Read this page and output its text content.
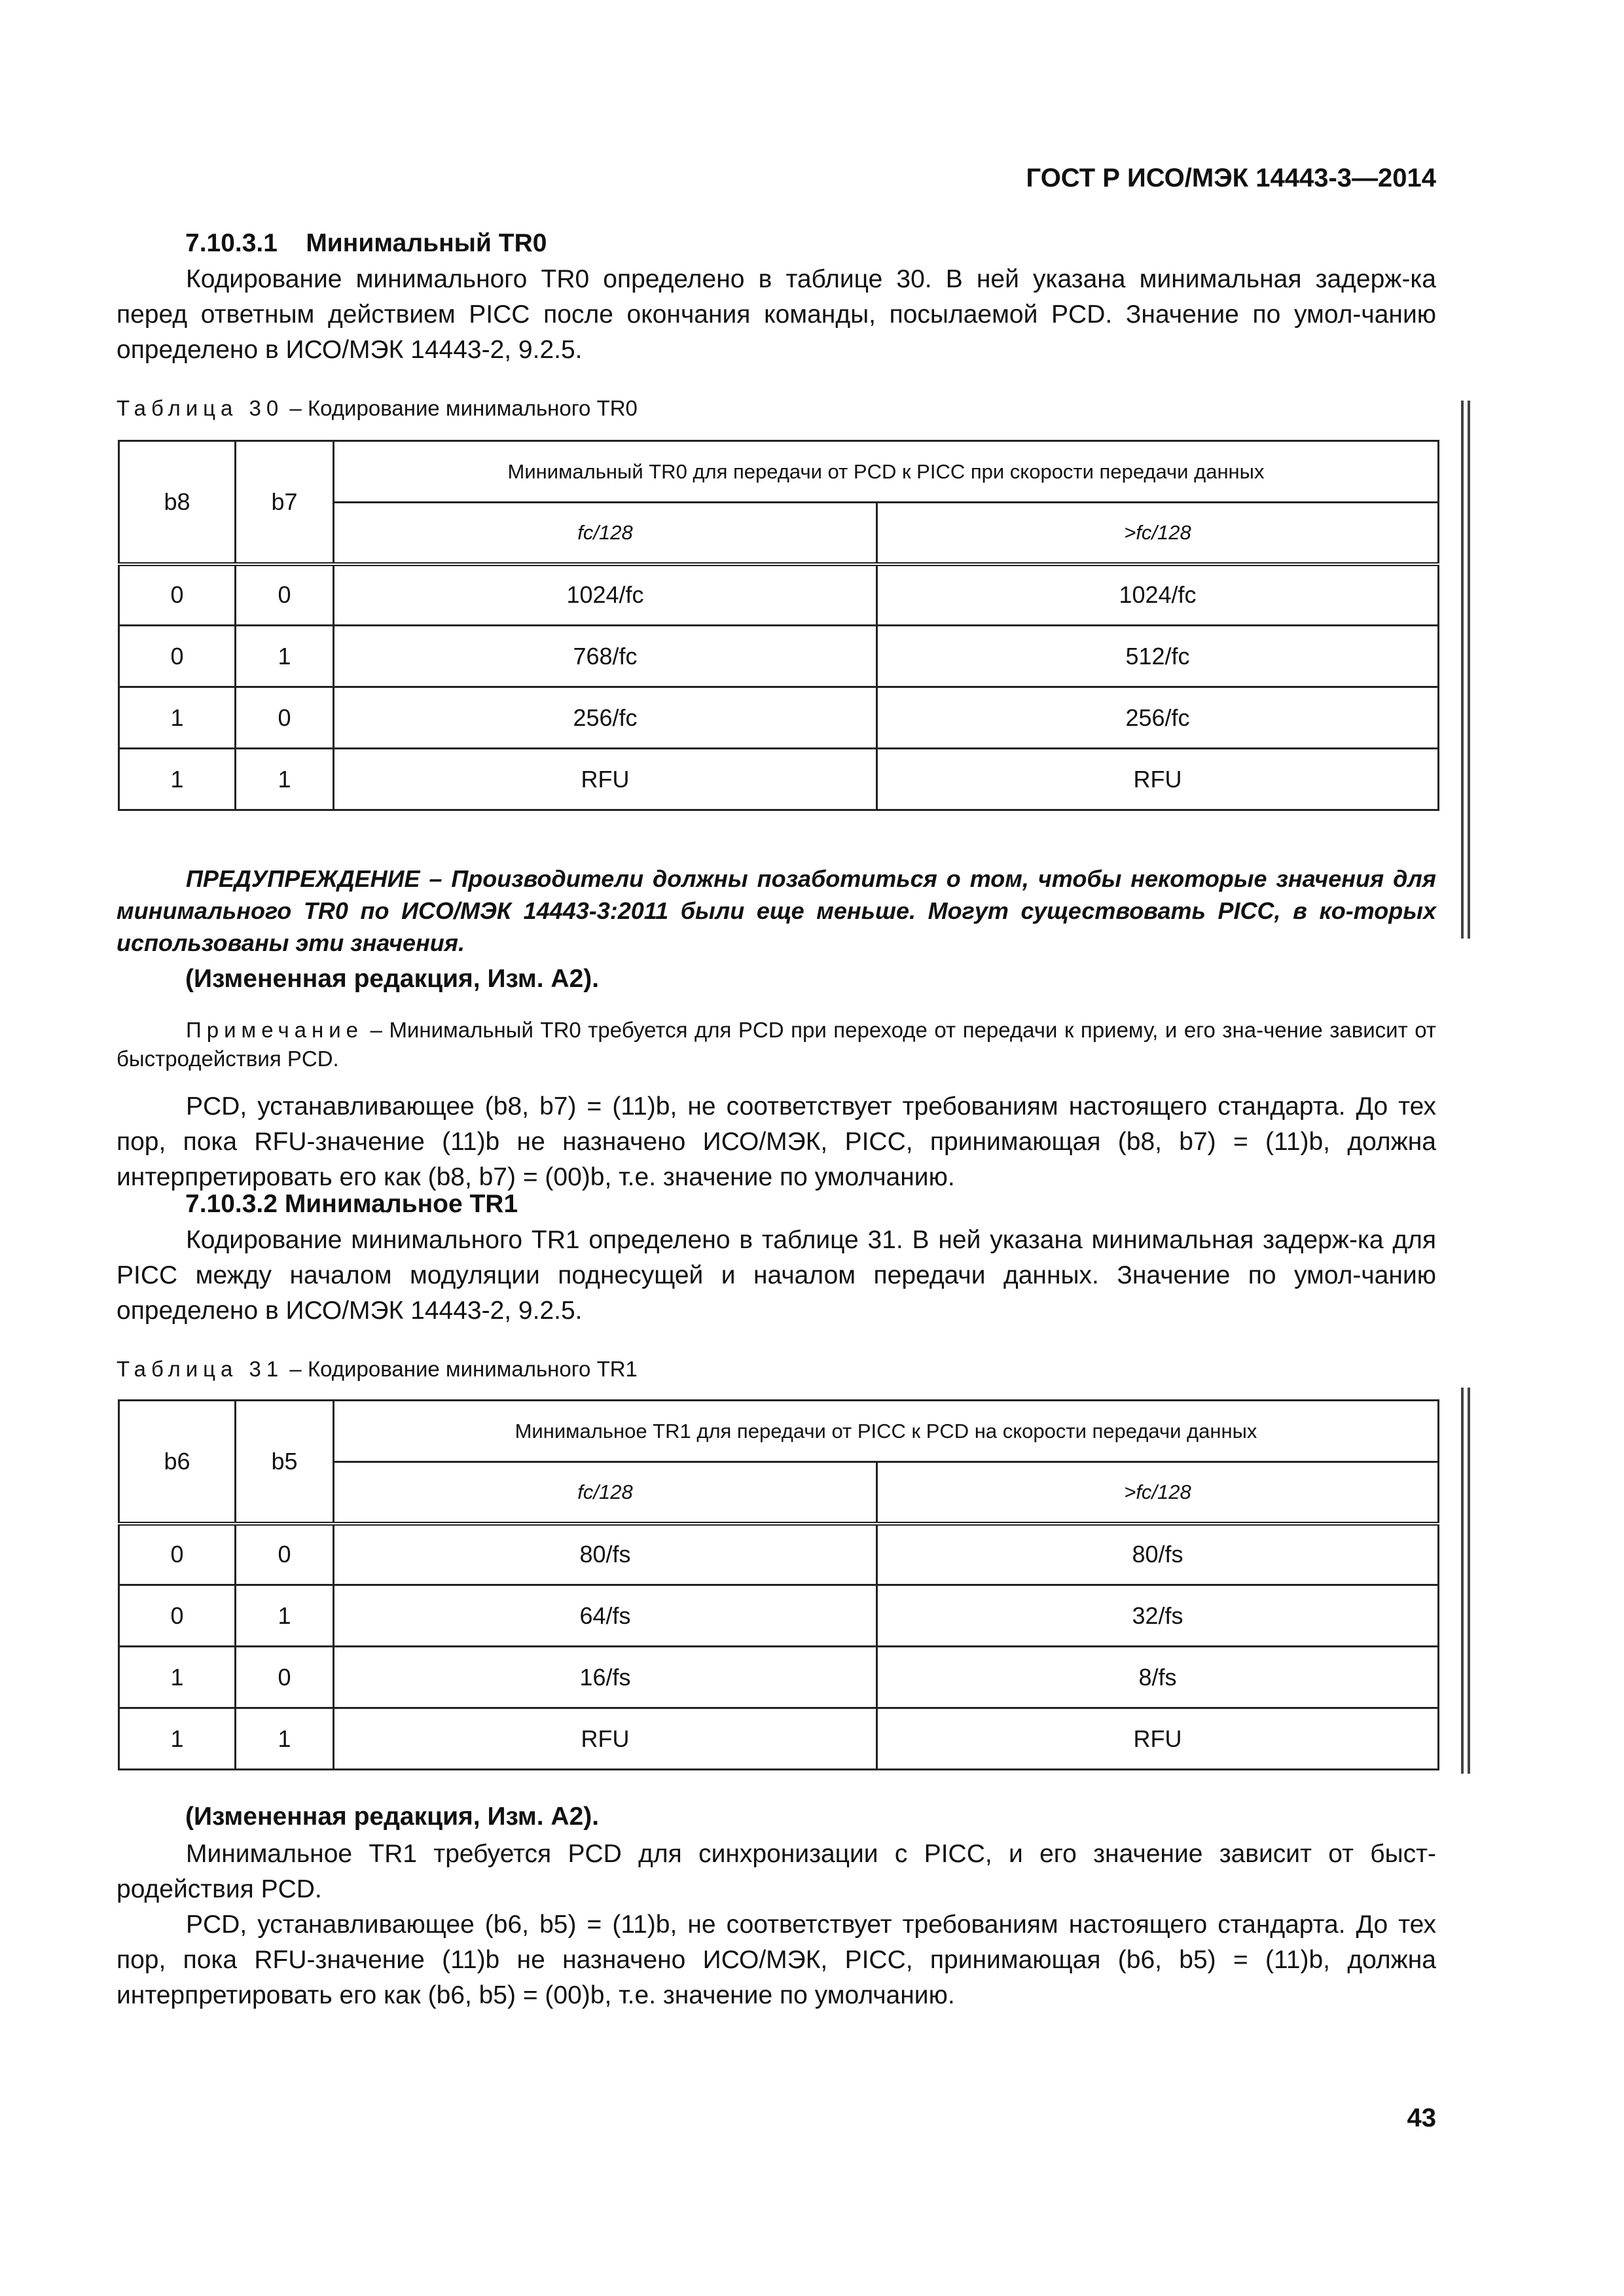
ГОСТ Р ИСО/МЭК 14443-3—2014
7.10.3.1 Минимальный TR0
Кодирование минимального TR0 определено в таблице 30. В ней указана минимальная задерж-ка перед ответным действием PICC после окончания команды, посылаемой PCD. Значение по умол-чанию определено в ИСО/МЭК 14443-2, 9.2.5.
Таблица 30 – Кодирование минимального TR0
b8	b7	Минимальный TR0 для передачи от PCD к PICC при скорости передачи данных	
		fc/128	>fc/128
0	0	1024/fc	1024/fc
0	1	768/fc	512/fc
1	0	256/fc	256/fc
1	1	RFU	RFU
ПРЕДУПРЕЖДЕНИЕ – Производители должны позаботиться о том, чтобы некоторые значения для минимального TR0 по ИСО/МЭК 14443-3:2011 были еще меньше. Могут существовать PICC, в ко-торых использованы эти значения.
(Измененная редакция, Изм. А2).
Примечание – Минимальный TR0 требуется для PCD при переходе от передачи к приему, и его зна-чение зависит от быстродействия PCD.
PCD, устанавливающее (b8, b7) = (11)b, не соответствует требованиям настоящего стандарта. До тех пор, пока RFU-значение (11)b не назначено ИСО/МЭК, PICC, принимающая (b8, b7) = (11)b, должна интерпретировать его как (b8, b7) = (00)b, т.е. значение по умолчанию.
7.10.3.2 Минимальное TR1
Кодирование минимального TR1 определено в таблице 31. В ней указана минимальная задерж-ка для PICC между началом модуляции поднесущей и началом передачи данных. Значение по умол-чанию определено в ИСО/МЭК 14443-2, 9.2.5.
Таблица 31 – Кодирование минимального TR1
b6	b5	Минимальное TR1 для передачи от PICC к PCD на скорости передачи данных	
		fc/128	>fc/128
0	0	80/fs	80/fs
0	1	64/fs	32/fs
1	0	16/fs	8/fs
1	1	RFU	RFU
(Измененная редакция, Изм. А2).
Минимальное TR1 требуется PCD для синхронизации с PICC, и его значение зависит от быст-родействия PCD.
PCD, устанавливающее (b6, b5) = (11)b, не соответствует требованиям настоящего стандарта. До тех пор, пока RFU-значение (11)b не назначено ИСО/МЭК, PICC, принимающая (b6, b5) = (11)b, должна интерпретировать его как (b6, b5) = (00)b, т.е. значение по умолчанию.
43
